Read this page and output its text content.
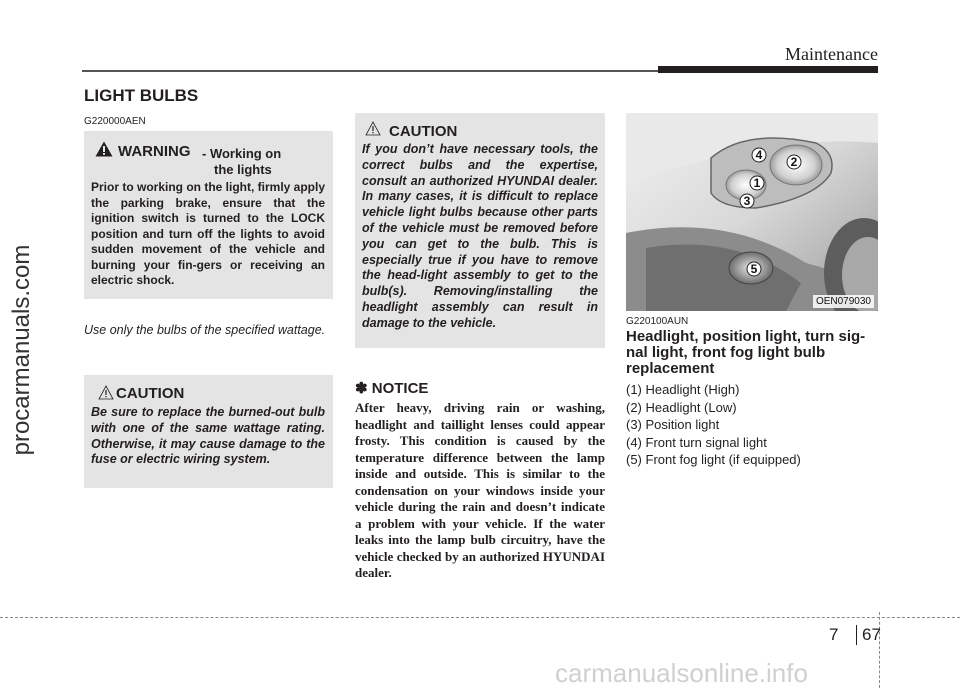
Maintenance
procarmanuals.com
LIGHT BULBS
G220000AEN
WARNING - Working on
the lights
Prior to working on the light, firmly apply the parking brake, ensure that the ignition switch is turned to the LOCK position and turn off the lights to avoid sudden movement of the vehicle and burning your fin-gers or receiving an electric shock.
Use only the bulbs of the specified wattage.
CAUTION
Be sure to replace the burned-out bulb with one of the same wattage rating. Otherwise, it may cause damage to the fuse or electric wiring system.
CAUTION
If you don’t have necessary tools, the correct bulbs and the expertise, consult an authorized HYUNDAI dealer. In many cases, it is difficult to replace vehicle light bulbs because other parts of the vehicle must be removed before you can get to the bulb. This is especially true if you have to remove the head-light assembly to get to the bulb(s). Removing/installing the headlight assembly can result in damage to the vehicle.
✽ NOTICE
After heavy, driving rain or washing, headlight and taillight lenses could appear frosty. This condition is caused by the temperature difference between the lamp inside and outside. This is similar to the condensation on your windows inside your vehicle during the rain and doesn’t indicate a problem with your vehicle. If the water leaks into the lamp bulb circuitry, have the vehicle checked by an authorized HYUNDAI dealer.
4 2
1
3
5
OEN079030
G220100AUN
Headlight, position light, turn sig-nal light, front fog light bulb replacement
(1) Headlight (High)
(2) Headlight (Low)
(3) Position light
(4) Front turn signal light
(5) Front fog light (if equipped)
7 67
carmanualsonline.info
